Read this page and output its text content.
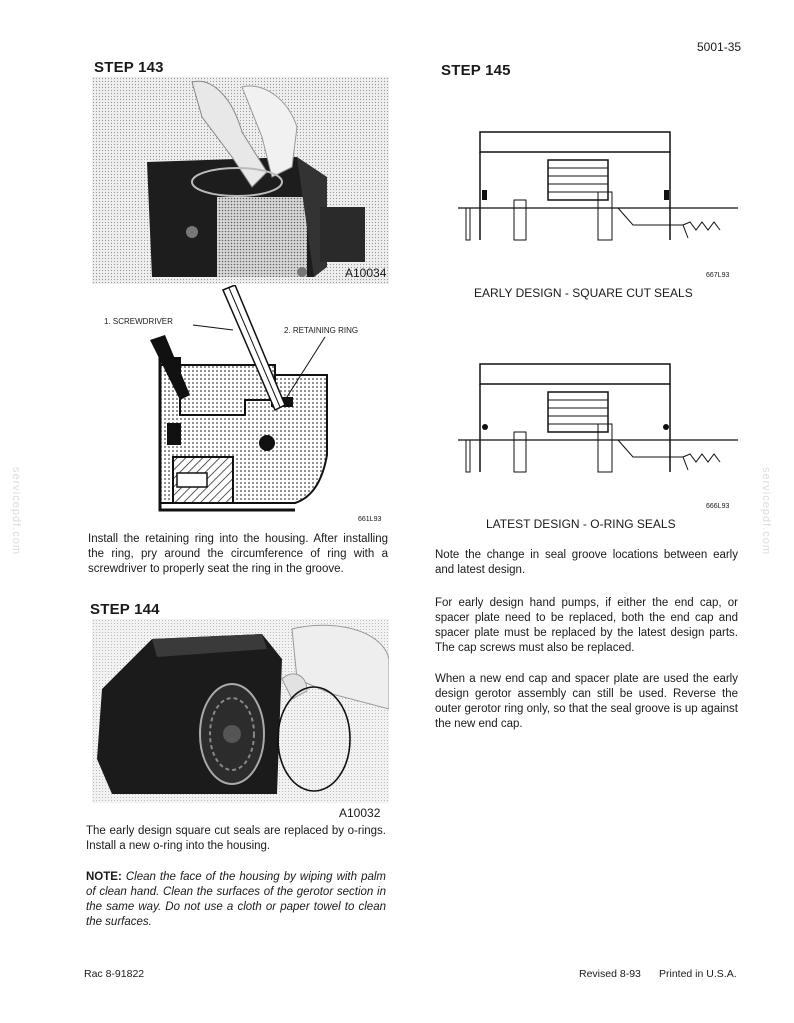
5001-35
servicepdf.com	servicepdf.com
STEP 143
A10034
1. SCREWDRIVER
2. RETAINING RING
661L93
Install the retaining ring into the housing. After installing the ring, pry around the circumference of ring with a screwdriver to properly seat the ring in the groove.
STEP 144
A10032
The early design square cut seals are replaced by o-rings. Install a new o-ring into the housing.
NOTE: Clean the face of the housing by wiping with palm of clean hand. Clean the surfaces of the gerotor section in the same way. Do not use a cloth or paper towel to clean the surfaces.
STEP 145
667L93
EARLY DESIGN - SQUARE CUT SEALS
666L93
LATEST DESIGN - O-RING SEALS
Note the change in seal groove locations between early and latest design.
For early design hand pumps, if either the end cap, or spacer plate need to be replaced, both the end cap and spacer plate must be replaced by the latest design parts. The cap screws must also be replaced.
When a new end cap and spacer plate are used the early design gerotor assembly can still be used. Reverse the outer gerotor ring only, so that the seal groove is up against the new end cap.
Rac 8-91822	Revised 8-93 Printed in U.S.A.
